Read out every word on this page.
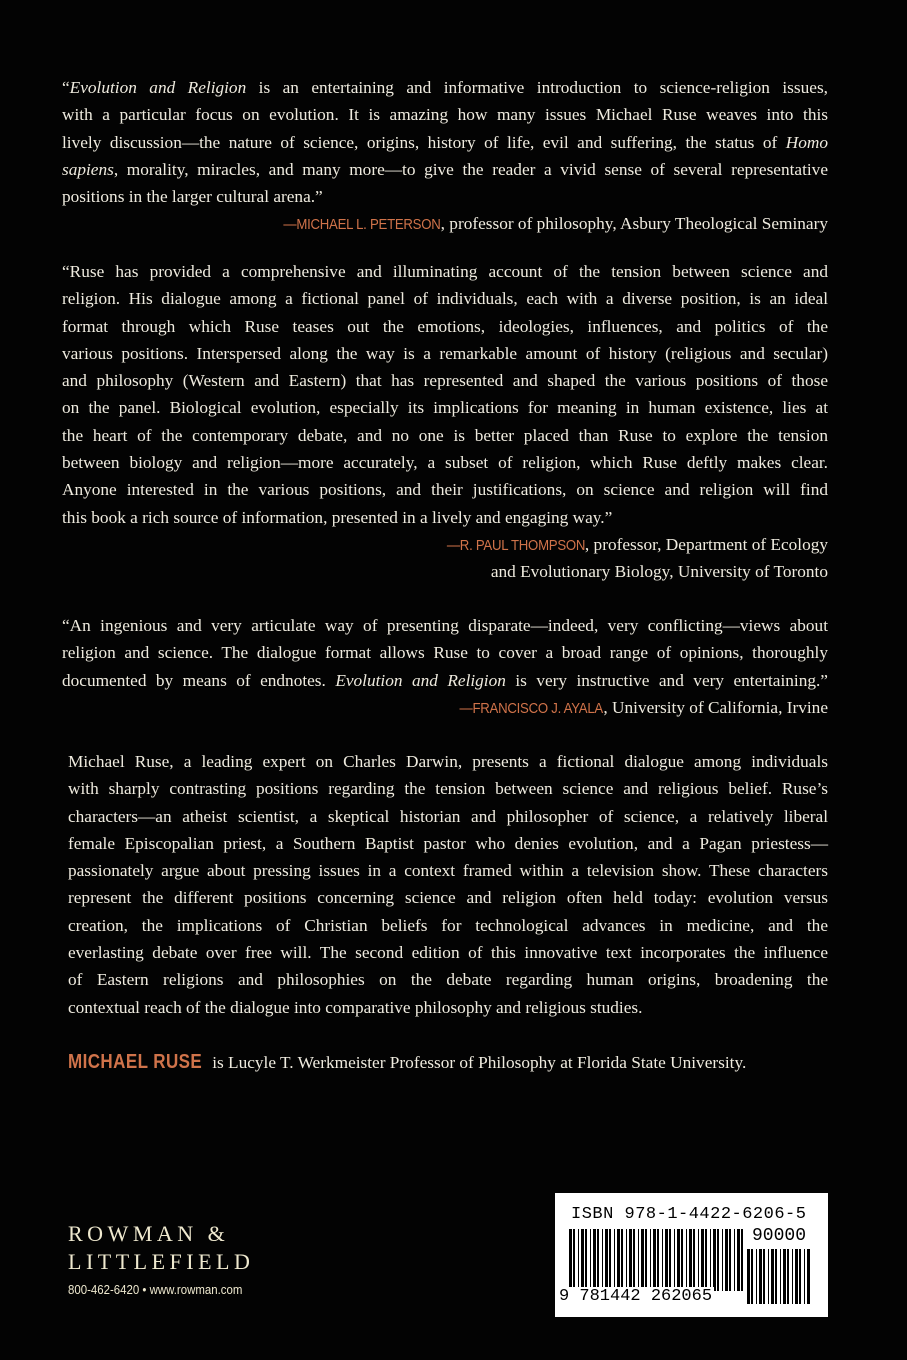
“Evolution and Religion is an entertaining and informative introduction to science-religion issues,
with a particular focus on evolution. It is amazing how many issues Michael Ruse weaves into this
lively discussion—the nature of science, origins, history of life, evil and suffering, the status of Homo
sapiens, morality, miracles, and many more—to give the reader a vivid sense of several representative
positions in the larger cultural arena.”
—MICHAEL L. PETERSON, professor of philosophy, Asbury Theological Seminary
“Ruse has provided a comprehensive and illuminating account of the tension between science and
religion. His dialogue among a fictional panel of individuals, each with a diverse position, is an ideal
format through which Ruse teases out the emotions, ideologies, influences, and politics of the
various positions. Interspersed along the way is a remarkable amount of history (religious and secular)
and philosophy (Western and Eastern) that has represented and shaped the various positions of those
on the panel. Biological evolution, especially its implications for meaning in human existence, lies at
the heart of the contemporary debate, and no one is better placed than Ruse to explore the tension
between biology and religion—more accurately, a subset of religion, which Ruse deftly makes clear.
Anyone interested in the various positions, and their justifications, on science and religion will find
this book a rich source of information, presented in a lively and engaging way.”
—R. PAUL THOMPSON, professor, Department of Ecology
and Evolutionary Biology, University of Toronto
“An ingenious and very articulate way of presenting disparate—indeed, very conflicting—views about
religion and science. The dialogue format allows Ruse to cover a broad range of opinions, thoroughly
documented by means of endnotes. Evolution and Religion is very instructive and very entertaining.”
—FRANCISCO J. AYALA, University of California, Irvine
Michael Ruse, a leading expert on Charles Darwin, presents a fictional dialogue among individuals
with sharply contrasting positions regarding the tension between science and religious belief. Ruse’s
characters—an atheist scientist, a skeptical historian and philosopher of science, a relatively liberal
female Episcopalian priest, a Southern Baptist pastor who denies evolution, and a Pagan priestess—
passionately argue about pressing issues in a context framed within a television show. These characters
represent the different positions concerning science and religion often held today: evolution versus
creation, the implications of Christian beliefs for technological advances in medicine, and the
everlasting debate over free will. The second edition of this innovative text incorporates the influence
of Eastern religions and philosophies on the debate regarding human origins, broadening the
contextual reach of the dialogue into comparative philosophy and religious studies.
MICHAEL RUSE is Lucyle T. Werkmeister Professor of Philosophy at Florida State University.
ROWMAN &
LITTLEFIELD
800-462-6420 • www.rowman.com
ISBN 978-1-4422-6206-5
90000
9 781442 262065
